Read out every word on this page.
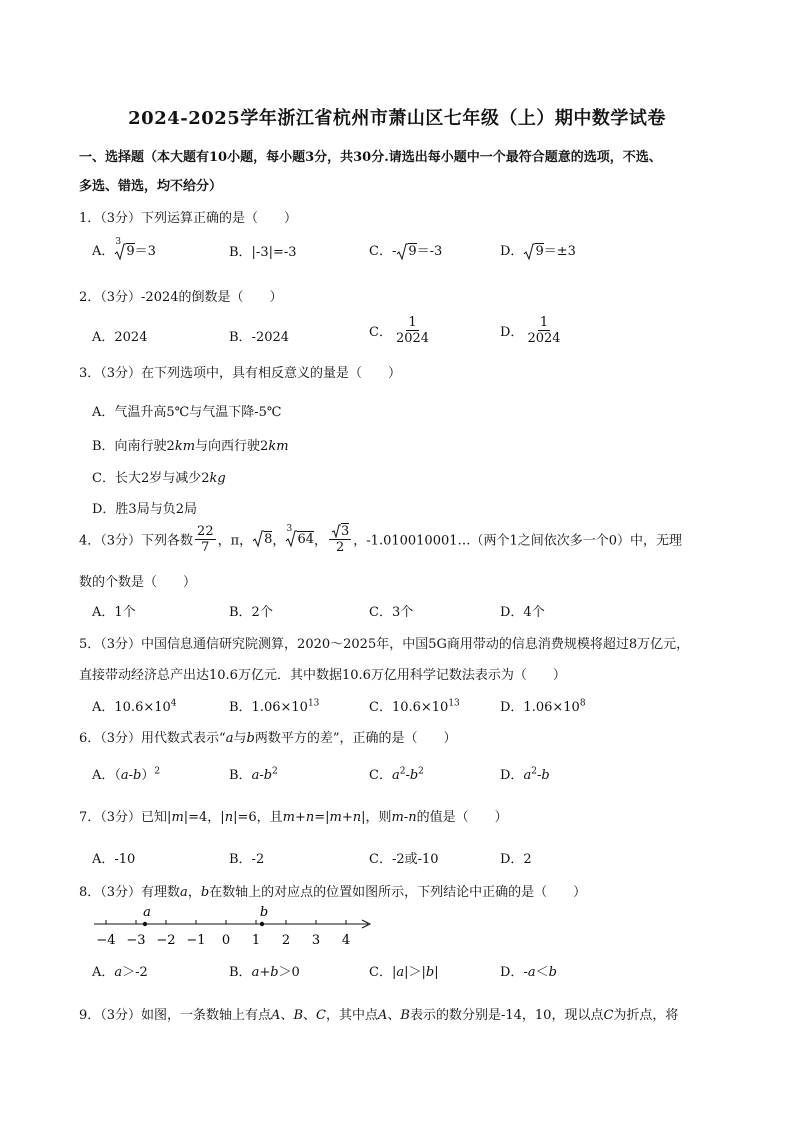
2024-2025学年浙江省杭州市萧山区七年级（上）期中数学试卷
一、选择题（本大题有10小题，每小题3分，共30分.请选出每小题中一个最符合题意的选项，不选、
多选、错选，均不给分）
1．（3分）下列运算正确的是（　　）
A．
3
9＝3	B．|-3|=-3	C．- 9＝-3	D． 9＝±3
2．（3分）-2024的倒数是（　　）
A．2024	B．-2024	C． $\frac{1}{2024}$	D． $\frac{1}{2024}$
3．（3分）在下列选项中，具有相反意义的量是（　　）
A．气温升高5℃与气温下降-5℃
B．向南行驶2km与向西行驶2km
C．长大2岁与减少2kg
D．胜3局与负2局
4．（3分）下列各数 $\frac{22}{7}$ ，π， 8，
3
64， $\frac{3}{2}$ ，-1.010010001…（两个1之间依次多一个0）中，无理
数的个数是（　　）
A．1个	B．2个	C．3个	D．4个
5．（3分）中国信息通信研究院测算，2020～2025年，中国5G商用带动的信息消费规模将超过8万亿元，
直接带动经济总产出达10.6万亿元．其中数据10.6万亿用科学记数法表示为（　　）
A．$10.6\times 10^4$	B．$1.06\times 10^{13}$	C．$10.6\times 10^{13}$	D．$1.06\times 10^8$
6．（3分）用代数式表示“a与b两数平方的差”，正确的是（　　）
A．$(a-b)^2$	B．$a-b^2$	C．$a^2-b^2$	D．$a^2-b$
7．（3分）已知|m|=4，|n|=6，且m+n=|m+n|，则m-n的值是（　　）
A．-10	B．-2	C．-2或-10	D．2
8．（3分）有理数a，b在数轴上的对应点的位置如图所示，下列结论中正确的是（　　）
−4 −3 −2 −1 0 1 2 3 4
a	b
A．a＞-2	B．a+b＞0	C．|a|＞|b|	D．-a＜b
9．（3分）如图，一条数轴上有点A、B、C，其中点A、B表示的数分别是-14，10，现以点C为折点，将
